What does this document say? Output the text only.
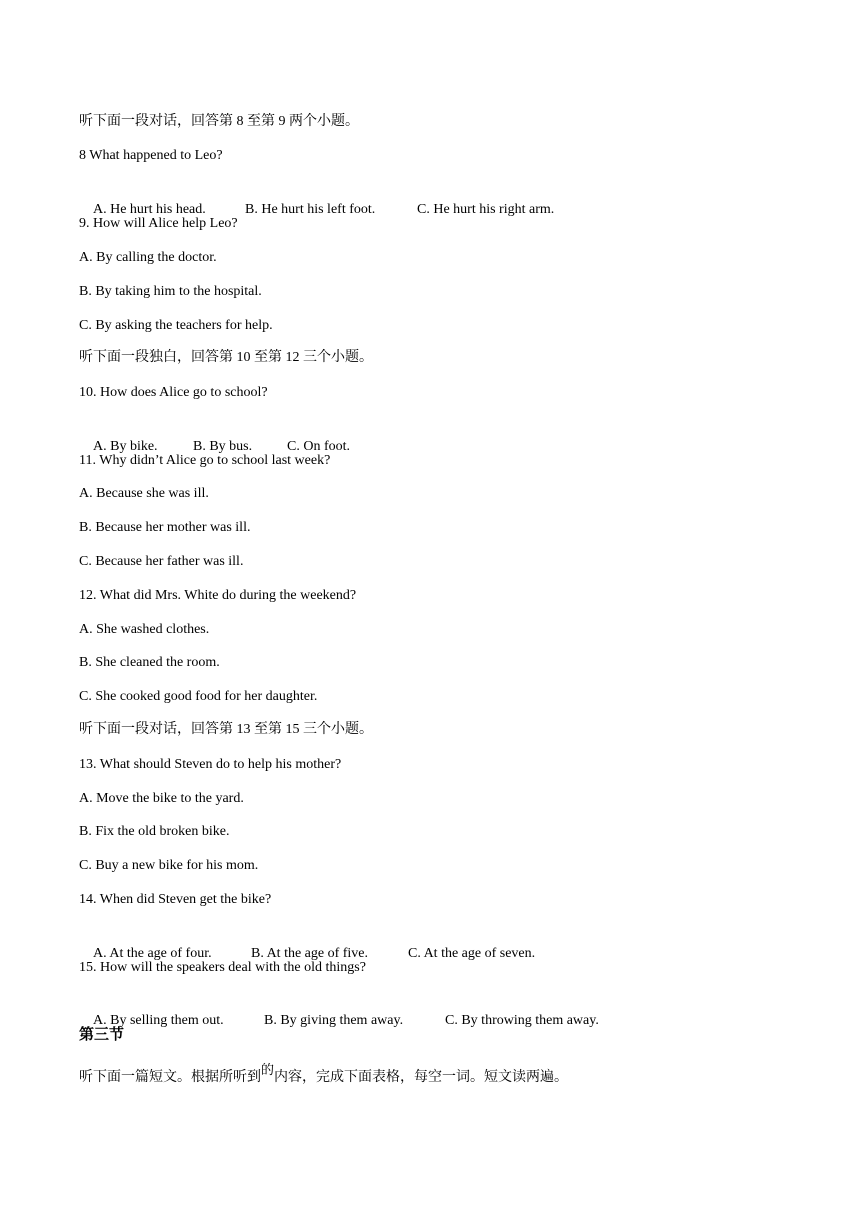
听下面一段对话，回答第 8 至第 9 两个小题。
8 What happened to Leo?

A. He hurt his head.	B. He hurt his left foot.	C. He hurt his right arm.

9. How will Alice help Leo?
A. By calling the doctor.
B. By taking him to the hospital.
C. By asking the teachers for help.
听下面一段独白，回答第 10 至第 12 三个小题。
10. How does Alice go to school?

A. By bike.	B. By bus. C. On foot.

11. Why didn’t Alice go to school last week?
A. Because she was ill.
B. Because her mother was ill.
C. Because her father was ill.
12. What did Mrs. White do during the weekend?
A. She washed clothes.
B. She cleaned the room.
C. She cooked good food for her daughter.
听下面一段对话，回答第 13 至第 15 三个小题。
13. What should Steven do to help his mother?
A. Move the bike to the yard.
B. Fix the old broken bike.
C. Buy a new bike for his mom.
14. When did Steven get the bike?

A. At the age of four.	B. At the age of five.	C. At the age of seven.

15. How will the speakers deal with the old things?

A. By selling them out.	B. By giving them away.	C. By throwing them away.

第三节
听下面一篇短文。根据所听到的内容，完成下面表格，每空一词。短文读两遍。
